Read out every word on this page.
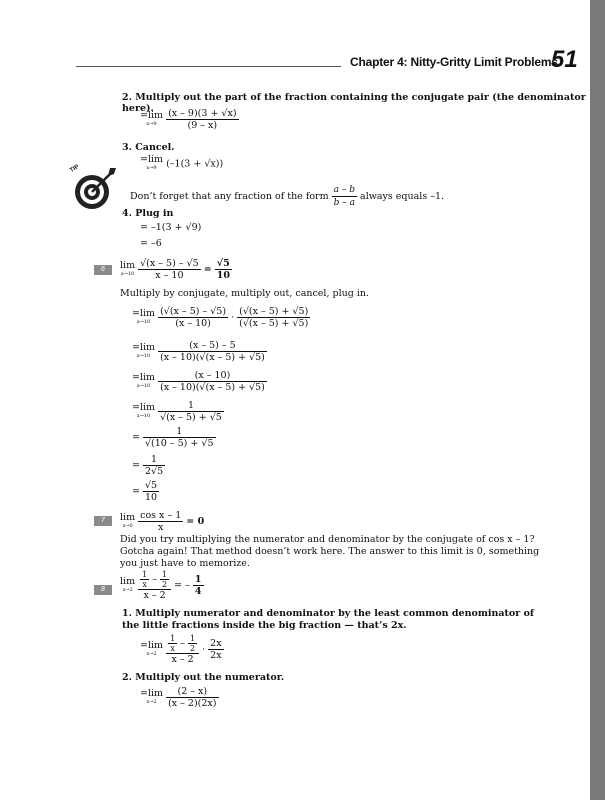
Chapter 4: Nitty-Gritty Limit Problems
51
2. Multiply out the part of the fraction containing the conjugate pair (the denominator here).
=lim
x→9
$\frac{(x - 9)(3 + √x)}{(9 - x)}$
3. Cancel.
=lim
x→9 (–1(3 + √x))
TIP
Don’t forget that any fraction of the form $\frac{a - b}{b - a}$ always equals –1.
4. Plug in
= –1(3 + √9)
= –6
6	lim
x→10
$\frac{√(x - 5) - √5}{x - 10} = \frac{√5}{10}$
Multiply by conjugate, multiply out, cancel, plug in.
=lim
x→10
$\frac{(√(x - 5) - √5)}{(x - 10)} \cdot \frac{(√(x - 5) + √5)}{(√(x - 5) + √5)}$
=lim
x→10
$\frac{(x - 5) - 5}{(x - 10)(√(x - 5) + √5)}$
=lim
x→10
$\frac{(x - 10)}{(x - 10)(√(x - 5) + √5)}$
=lim
x→10
$\frac{1}{√(x - 5) + √5}$
= $\frac{1}{√(10 - 5) + √5}$
= $\frac{1}{2√5}$
= $\frac{√5}{10}$
7	lim
x→0
$\frac{\text{cos x – 1}}{x} = 0$
Did you try multiplying the numerator and denominator by the conjugate of cos x – 1? Gotcha again! That method doesn’t work here. The answer to this limit is 0, something you just have to memorize.
8
lim
x→2
$\frac{\frac{1}{x} - \frac{1}{2}}{x - 2}$ = – $\frac{1}{4}$
1. Multiply numerator and denominator by the least common denominator of the little fractions inside the big fraction — that’s 2x.
=lim
x→2
	$\frac{\frac{1}{x} - \frac{1}{2}}{x - 2} \cdot \frac{2x}{2x}$
2. Multiply out the numerator.
=lim
x→2
$\frac{(2 - x)}{(x - 2)(2x)}$
